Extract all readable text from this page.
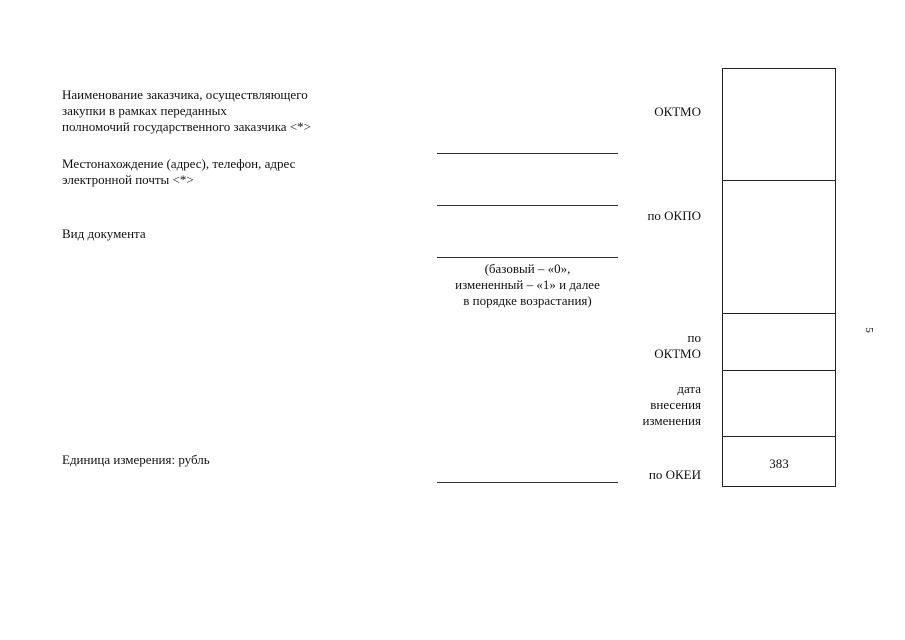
Наименование заказчика, осуществляющего
закупки в рамках переданных
полномочий государственного заказчика <*>
Местонахождение (адрес), телефон, адрес
электронной почты <*>
Вид документа
Единица измерения: рубль
(базовый – «0»,
измененный – «1» и далее
в порядке возрастания)
ОКТМО
по ОКПО
по
ОКТМО
дата
внесения
изменения
по ОКЕИ
383
5
